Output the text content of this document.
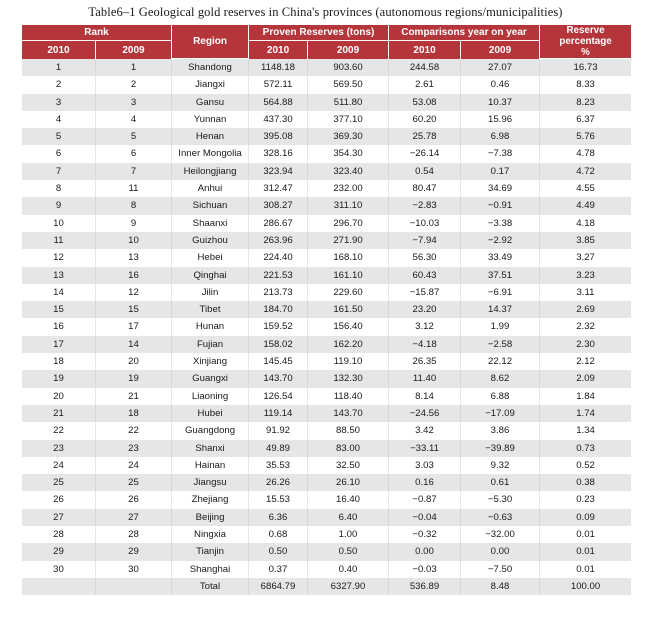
Table6–1 Geological gold reserves in China's provinces (autonomous regions/municipalities)
Rank		Region	Proven Reserves (tons)		Comparisons year on year		Reserve
percentage
%
2010	2009		2010	2009	2010	2009	
1	1	Shandong	1148.18	903.60	244.58	27.07	16.73
2	2	Jiangxi	572.11	569.50	2.61	0.46	8.33
3	3	Gansu	564.88	511.80	53.08	10.37	8.23
4	4	Yunnan	437.30	377.10	60.20	15.96	6.37
5	5	Henan	395.08	369.30	25.78	6.98	5.76
6	6	Inner Mongolia	328.16	354.30	−26.14	−7.38	4.78
7	7	Heilongjiang	323.94	323.40	0.54	0.17	4.72
8	11	Anhui	312.47	232.00	80.47	34.69	4.55
9	8	Sichuan	308.27	311.10	−2.83	−0.91	4.49
10	9	Shaanxi	286.67	296.70	−10.03	−3.38	4.18
11	10	Guizhou	263.96	271.90	−7.94	−2.92	3.85
12	13	Hebei	224.40	168.10	56.30	33.49	3.27
13	16	Qinghai	221.53	161.10	60.43	37.51	3.23
14	12	Jilin	213.73	229.60	−15.87	−6.91	3.11
15	15	Tibet	184.70	161.50	23.20	14.37	2.69
16	17	Hunan	159.52	156.40	3.12	1.99	2.32
17	14	Fujian	158.02	162.20	−4.18	−2.58	2.30
18	20	Xinjiang	145.45	119.10	26.35	22.12	2.12
19	19	Guangxi	143.70	132.30	11.40	8.62	2.09
20	21	Liaoning	126.54	118.40	8.14	6.88	1.84
21	18	Hubei	119.14	143.70	−24.56	−17.09	1.74
22	22	Guangdong	91.92	88.50	3.42	3.86	1.34
23	23	Shanxi	49.89	83.00	−33.11	−39.89	0.73
24	24	Hainan	35.53	32.50	3.03	9.32	0.52
25	25	Jiangsu	26.26	26.10	0.16	0.61	0.38
26	26	Zhejiang	15.53	16.40	−0.87	−5.30	0.23
27	27	Beijing	6.36	6.40	−0.04	−0.63	0.09
28	28	Ningxia	0.68	1.00	−0.32	−32.00	0.01
29	29	Tianjin	0.50	0.50	0.00	0.00	0.01
30	30	Shanghai	0.37	0.40	−0.03	−7.50	0.01
		Total	6864.79	6327.90	536.89	8.48	100.00
